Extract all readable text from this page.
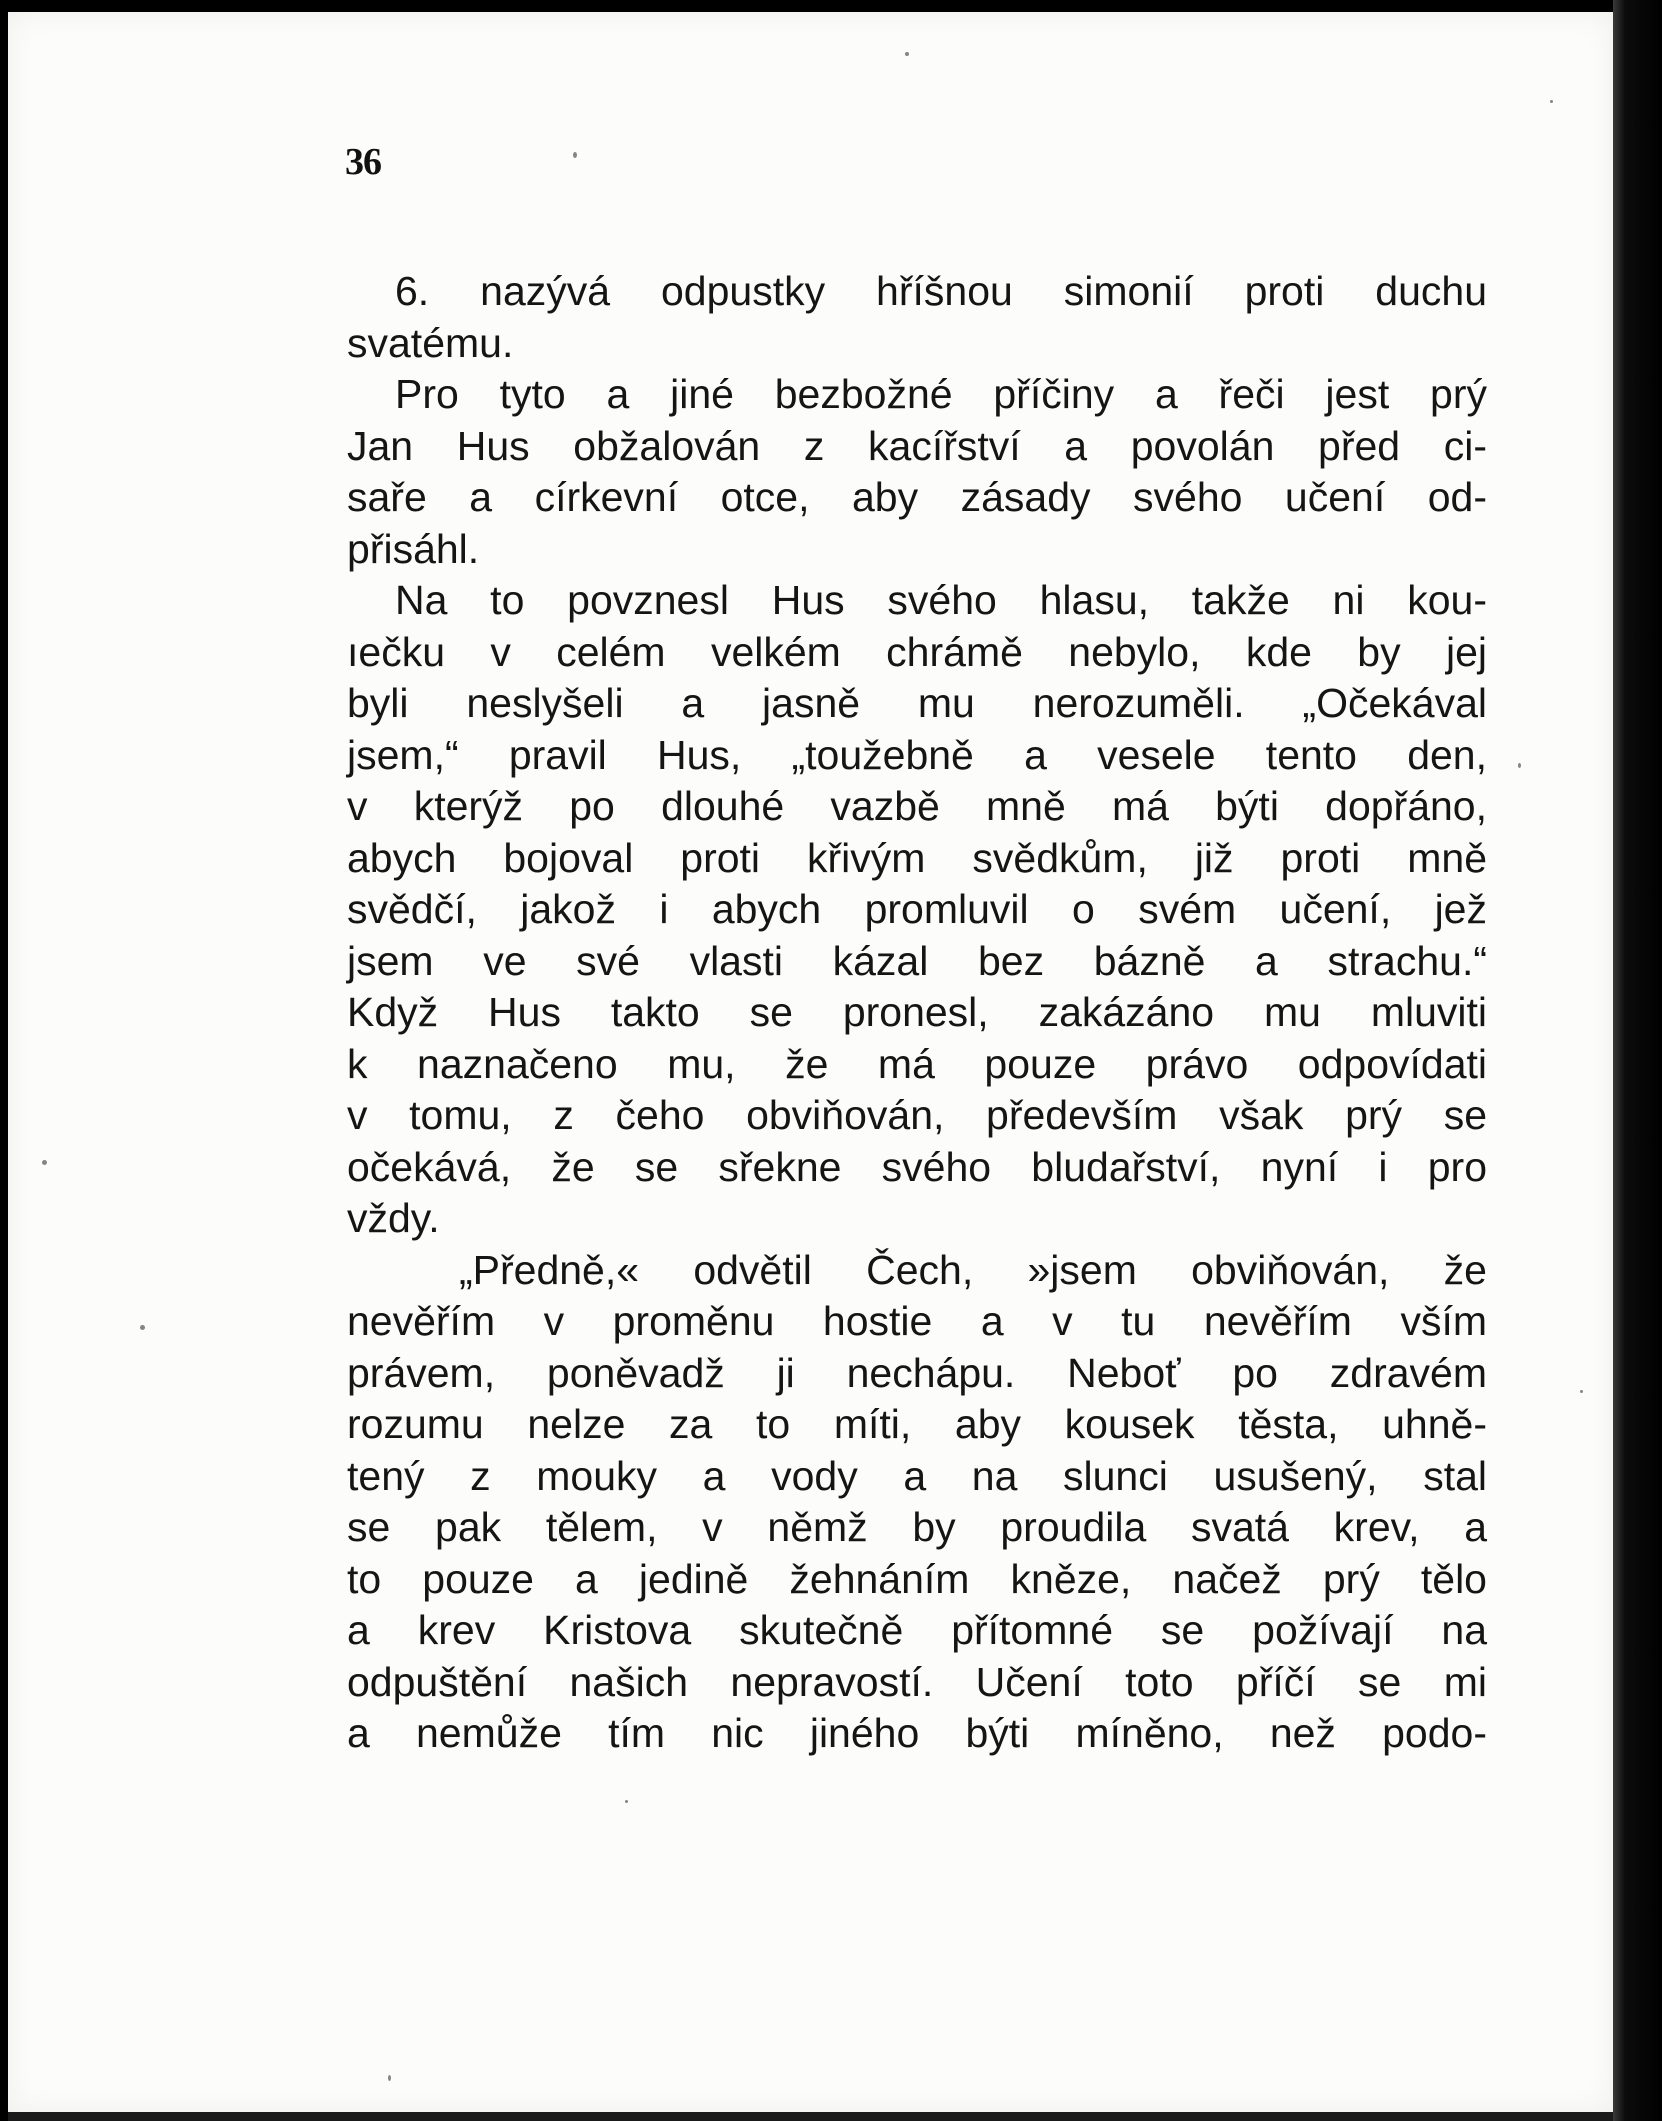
36
6. nazývá odpustky hříšnou simonií proti duchu
svatému.
Pro tyto a jiné bezbožné příčiny a řeči jest prý
Jan Hus obžalován z kacířství a povolán před ci-
saře a církevní otce, aby zásady svého učení od-
přisáhl.
Na to povznesl Hus svého hlasu, takže ni kou-
ıečku v celém velkém chrámě nebylo, kde by jej
byli neslyšeli a jasně mu nerozuměli. „Očekával
jsem,“ pravil Hus, „toužebně a vesele tento den,
v kterýž po dlouhé vazbě mně má býti dopřáno,
abych bojoval proti křivým svědkům, již proti mně
svědčí, jakož i abych promluvil o svém učení, jež
jsem ve své vlasti kázal bez bázně a strachu.“
Když Hus takto se pronesl, zakázáno mu mluviti
k naznačeno mu, že má pouze právo odpovídati
v tomu, z čeho obviňován, především však prý se
očekává, že se sřekne svého bludařství, nyní i pro
vždy.
„Předně,« odvětil Čech, »jsem obviňován, že
nevěřím v proměnu hostie a v tu nevěřím vším
právem, poněvadž ji nechápu. Neboť po zdravém
rozumu nelze za to míti, aby kousek těsta, uhně-
tený z mouky a vody a na slunci usušený, stal
se pak tělem, v němž by proudila svatá krev, a
to pouze a jedině žehnáním kněze, načež prý tělo
a krev Kristova skutečně přítomné se požívají na
odpuštění našich nepravostí. Učení toto příčí se mi
a nemůže tím nic jiného býti míněno, než podo-
